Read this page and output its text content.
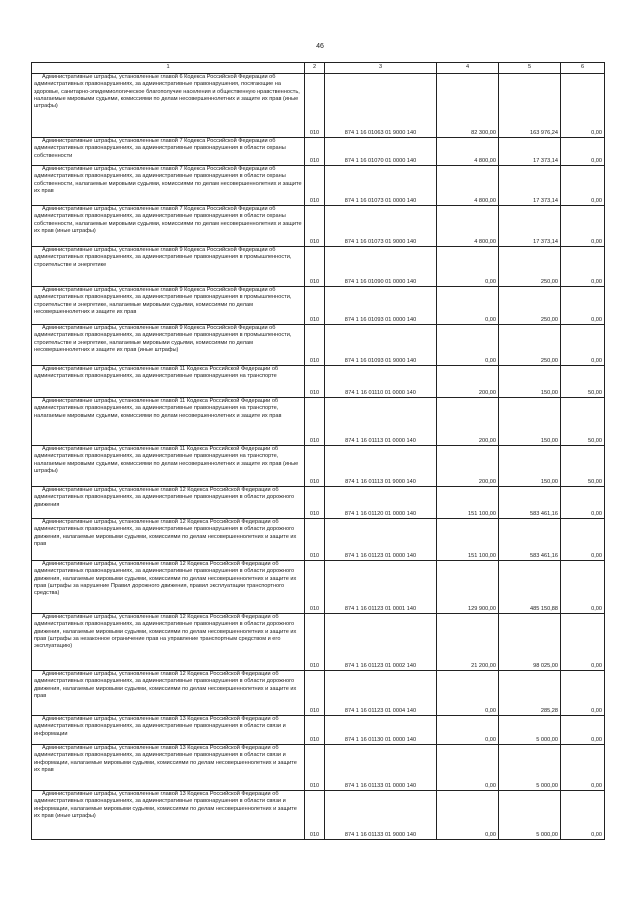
46
1	2	3	4	5	6
Административные штрафы, установленные главой 6 Кодекса Российской Федерации об административных правонарушениях, за административные правонарушения, посягающие на здоровье, санитарно-эпидемиологическое благополучие населения и общественную нравственность, налагаемые мировыми судьями, комиссиями по делам несовершеннолетних и защите их прав (иные штрафы)	010	874 1 16 01063 01 9000 140	82 300,00	163 976,24	0,00
Административные штрафы, установленные главой 7 Кодекса Российской Федерации об административных правонарушениях, за административные правонарушения в области охраны собственности	010	874 1 16 01070 01 0000 140	4 800,00	17 373,14	0,00
Административные штрафы, установленные главой 7 Кодекса Российской Федерации об административных правонарушениях, за административные правонарушения в области охраны собственности, налагаемые мировыми судьями, комиссиями по делам несовершеннолетних и защите их прав	010	874 1 16 01073 01 0000 140	4 800,00	17 373,14	0,00
Административные штрафы, установленные главой 7 Кодекса Российской Федерации об административных правонарушениях, за административные правонарушения в области охраны собственности, налагаемые мировыми судьями, комиссиями по делам несовершеннолетних и защите их прав (иные штрафы)	010	874 1 16 01073 01 9000 140	4 800,00	17 373,14	0,00
Административные штрафы, установленные главой 9 Кодекса Российской Федерации об административных правонарушениях, за административные правонарушения в промышленности, строительстве и энергетике	010	874 1 16 01090 01 0000 140	0,00	250,00	0,00
Административные штрафы, установленные главой 9 Кодекса Российской Федерации об административных правонарушениях, за административные правонарушения в промышленности, строительстве и энергетике, налагаемые мировыми судьями, комиссиями по делам несовершеннолетних и защите их прав	010	874 1 16 01093 01 0000 140	0,00	250,00	0,00
Административные штрафы, установленные главой 9 Кодекса Российской Федерации об административных правонарушениях, за административные правонарушения в промышленности, строительстве и энергетике, налагаемые мировыми судьями, комиссиями по делам несовершеннолетних и защите их прав (иные штрафы)	010	874 1 16 01093 01 9000 140	0,00	250,00	0,00
Административные штрафы, установленные главой 11 Кодекса Российской Федерации об административных правонарушениях, за административные правонарушения на транспорте	010	874 1 16 01110 01 0000 140	200,00	150,00	50,00
Административные штрафы, установленные главой 11 Кодекса Российской Федерации об административных правонарушениях, за административные правонарушения на транспорте, налагаемые мировыми судьями, комиссиями по делам несовершеннолетних и защите их прав	010	874 1 16 01113 01 0000 140	200,00	150,00	50,00
Административные штрафы, установленные главой 11 Кодекса Российской Федерации об административных правонарушениях, за административные правонарушения на транспорте, налагаемые мировыми судьями, комиссиями по делам несовершеннолетних и защите их прав (иные штрафы)	010	874 1 16 01113 01 9000 140	200,00	150,00	50,00
Административные штрафы, установленные главой 12 Кодекса Российской Федерации об административных правонарушениях, за административные правонарушения в области дорожного движения	010	874 1 16 01120 01 0000 140	151 100,00	583 461,16	0,00
Административные штрафы, установленные главой 12 Кодекса Российской Федерации об административных правонарушениях, за административные правонарушения в области дорожного движения, налагаемые мировыми судьями, комиссиями по делам несовершеннолетних и защите их прав	010	874 1 16 01123 01 0000 140	151 100,00	583 461,16	0,00
Административные штрафы, установленные главой 12 Кодекса Российской Федерации об административных правонарушениях, за административные правонарушения в области дорожного движения, налагаемые мировыми судьями, комиссиями по делам несовершеннолетних и защите их прав (штрафы за нарушение Правил дорожного движения, правил эксплуатации транспортного средства)	010	874 1 16 01123 01 0001 140	129 900,00	485 150,88	0,00
Административные штрафы, установленные главой 12 Кодекса Российской Федерации об административных правонарушениях, за административные правонарушения в области дорожного движения, налагаемые мировыми судьями, комиссиями по делам несовершеннолетних и защите их прав (штрафы за незаконное ограничение прав на управление транспортным средством и его эксплуатацию)	010	874 1 16 01123 01 0002 140	21 200,00	98 025,00	0,00
Административные штрафы, установленные главой 12 Кодекса Российской Федерации об административных правонарушениях, за административные правонарушения в области дорожного движения, налагаемые мировыми судьями, комиссиями по делам несовершеннолетних и защите их прав	010	874 1 16 01123 01 0004 140	0,00	285,28	0,00
Административные штрафы, установленные главой 13 Кодекса Российской Федерации об административных правонарушениях, за административные правонарушения в области связи и информации	010	874 1 16 01130 01 0000 140	0,00	5 000,00	0,00
Административные штрафы, установленные главой 13 Кодекса Российской Федерации об административных правонарушениях, за административные правонарушения в области связи и информации, налагаемые мировыми судьями, комиссиями по делам несовершеннолетних и защите их прав	010	874 1 16 01133 01 0000 140	0,00	5 000,00	0,00
Административные штрафы, установленные главой 13 Кодекса Российской Федерации об административных правонарушениях, за административные правонарушения в области связи и информации, налагаемые мировыми судьями, комиссиями по делам несовершеннолетних и защите их прав (иные штрафы)	010	874 1 16 01133 01 9000 140	0,00	5 000,00	0,00
